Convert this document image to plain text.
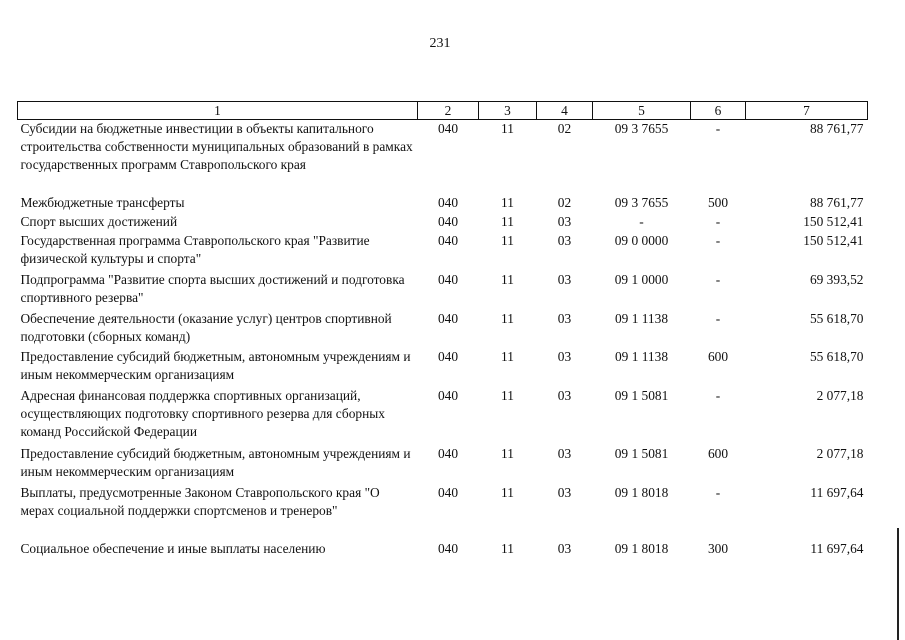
231
1	2	3	4	5	6	7
Субсидии на бюджетные инвестиции в объекты капитального строительства собственности муниципальных образований в рамках государственных программ Ставропольского края	040	11	02	09 3 7655	-	88 761,77
Межбюджетные трансферты	040	11	02	09 3 7655	500	88 761,77
Спорт высших достижений	040	11	03	-	-	150 512,41
Государственная программа Ставропольского края "Развитие физической культуры и спорта"	040	11	03	09 0 0000	-	150 512,41
Подпрограмма "Развитие спорта высших достижений и подготовка спортивного резерва"	040	11	03	09 1 0000	-	69 393,52
Обеспечение деятельности (оказание услуг) центров спортивной подготовки (сборных команд)	040	11	03	09 1 1138	-	55 618,70
Предоставление субсидий бюджетным, автономным учреждениям и иным некоммерческим организациям	040	11	03	09 1 1138	600	55 618,70
Адресная финансовая поддержка спортивных организаций, осуществляющих подготовку спортивного резерва для сборных команд Российской Федерации	040	11	03	09 1 5081	-	2 077,18
Предоставление субсидий бюджетным, автономным учреждениям и иным некоммерческим организациям	040	11	03	09 1 5081	600	2 077,18
Выплаты, предусмотренные Законом Ставропольского края "О мерах социальной поддержки спортсменов и тренеров"	040	11	03	09 1 8018	-	11 697,64
Социальное обеспечение и иные выплаты населению	040	11	03	09 1 8018	300	11 697,64
